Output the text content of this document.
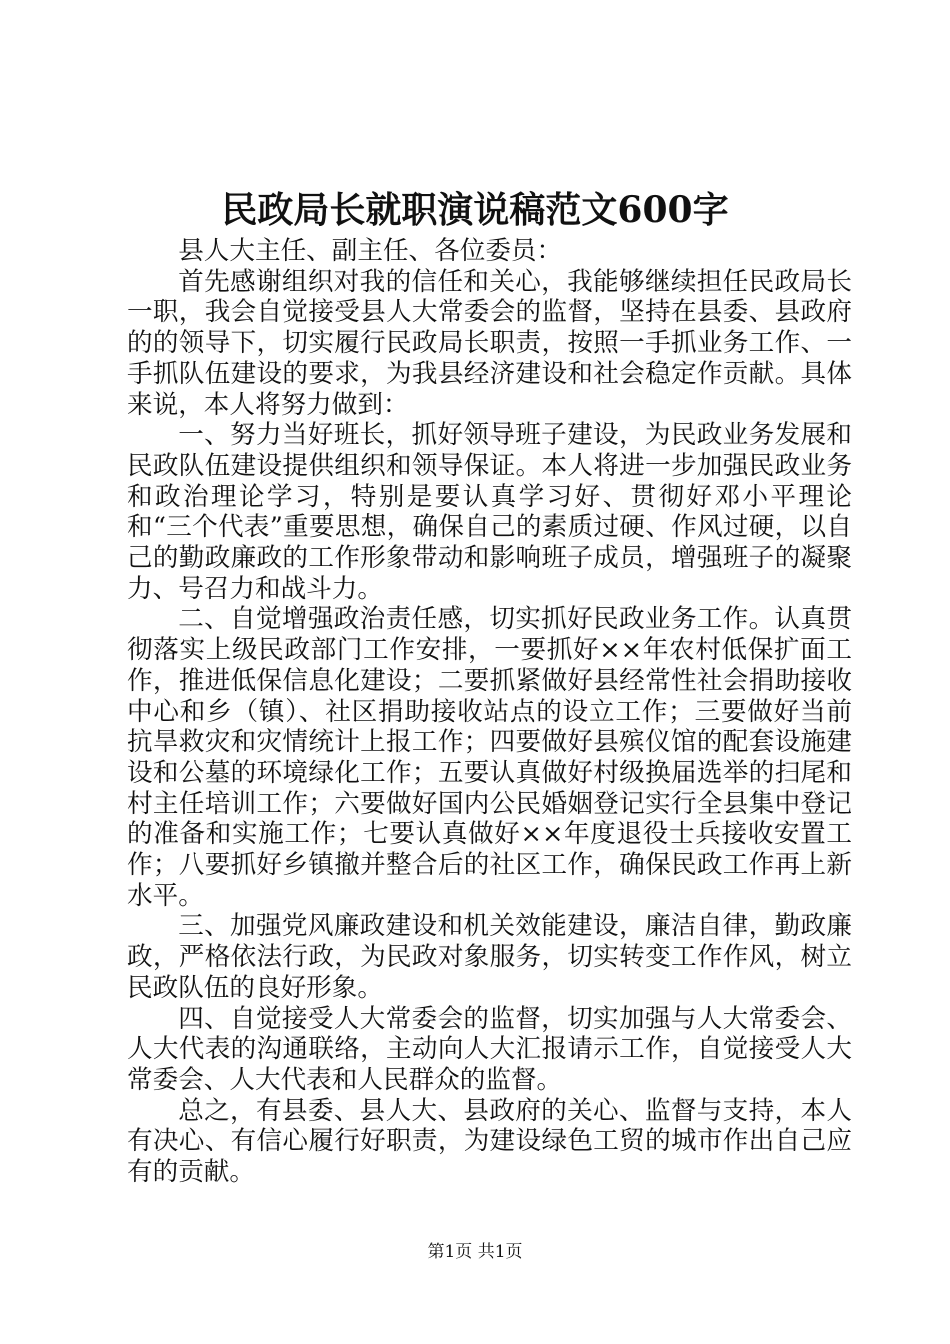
民政局长就职演说稿范文600字

县人大主任、副主任、各位委员：

首先感谢组织对我的信任和关心，我能够继续担任民政局长一职，我会自觉接受县人大常委会的监督，坚持在县委、县政府的的领导下，切实履行民政局长职责，按照一手抓业务工作、一手抓队伍建设的要求，为我县经济建设和社会稳定作贡献。具体来说，本人将努力做到：

一、努力当好班长，抓好领导班子建设，为民政业务发展和民政队伍建设提供组织和领导保证。本人将进一步加强民政业务和政治理论学习，特别是要认真学习好、贯彻好邓小平理论和“三个代表”重要思想，确保自己的素质过硬、作风过硬，以自己的勤政廉政的工作形象带动和影响班子成员，增强班子的凝聚力、号召力和战斗力。

二、自觉增强政治责任感，切实抓好民政业务工作。认真贯彻落实上级民政部门工作安排，一要抓好××年农村低保扩面工作，推进低保信息化建设；二要抓紧做好县经常性社会捐助接收中心和乡（镇）、社区捐助接收站点的设立工作；三要做好当前抗旱救灾和灾情统计上报工作；四要做好县殡仪馆的配套设施建设和公墓的环境绿化工作；五要认真做好村级换届选举的扫尾和村主任培训工作；六要做好国内公民婚姻登记实行全县集中登记的准备和实施工作；七要认真做好××年度退役士兵接收安置工作；八要抓好乡镇撤并整合后的社区工作，确保民政工作再上新水平。

三、加强党风廉政建设和机关效能建设，廉洁自律，勤政廉政，严格依法行政，为民政对象服务，切实转变工作作风，树立民政队伍的良好形象。

四、自觉接受人大常委会的监督，切实加强与人大常委会、人大代表的沟通联络，主动向人大汇报请示工作，自觉接受人大常委会、人大代表和人民群众的监督。

总之，有县委、县人大、县政府的关心、监督与支持，本人有决心、有信心履行好职责，为建设绿色工贸的城市作出自己应有的贡献。

第1页 共1页
